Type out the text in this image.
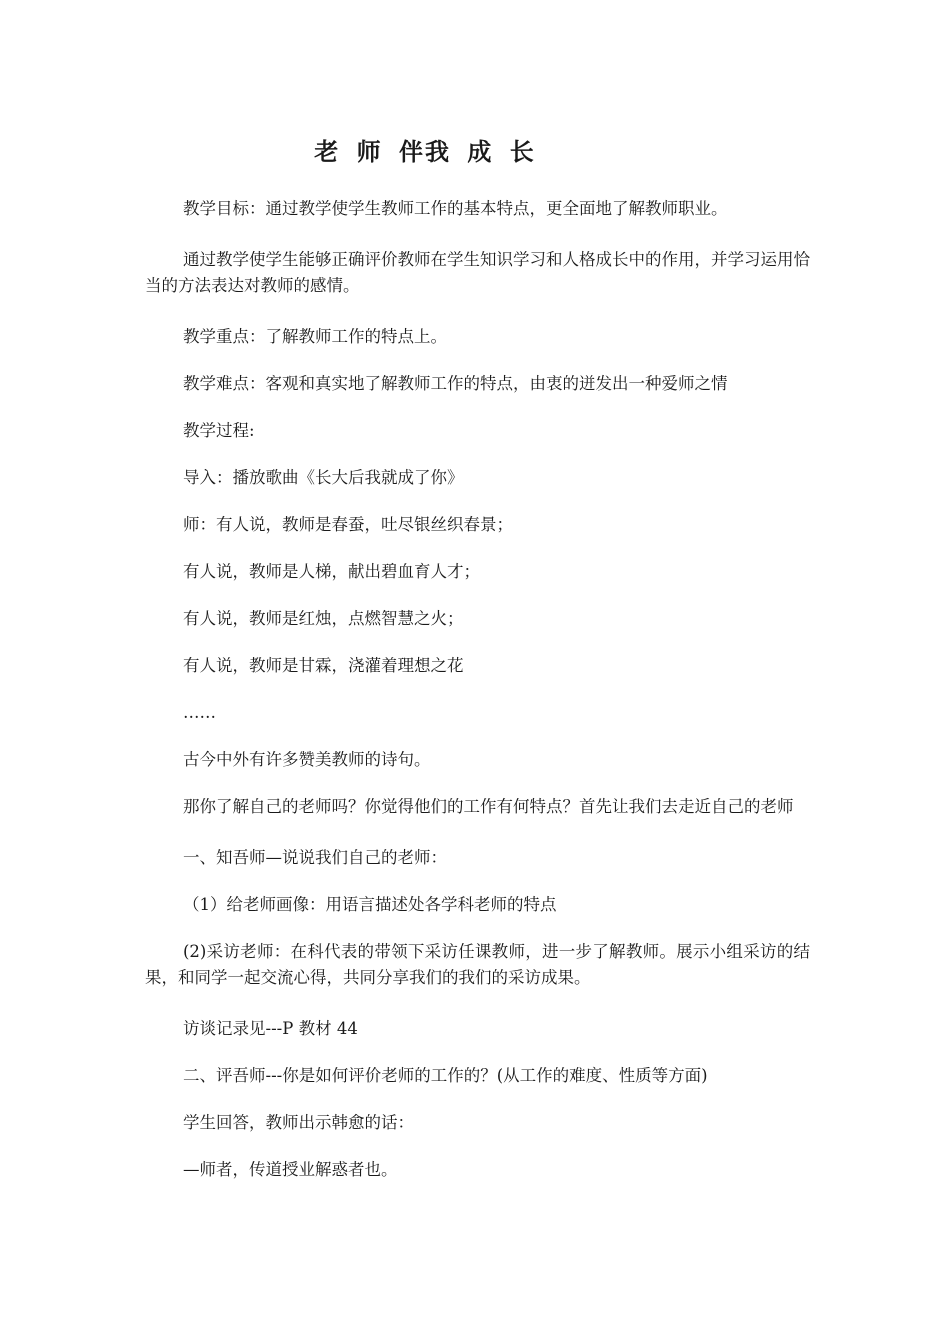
老 师 伴我 成 长

教学目标：通过教学使学生教师工作的基本特点，更全面地了解教师职业。

通过教学使学生能够正确评价教师在学生知识学习和人格成长中的作用，并学习运用恰当的方法表达对教师的感情。

教学重点：了解教师工作的特点上。

教学难点：客观和真实地了解教师工作的特点，由衷的迸发出一种爱师之情

教学过程:

导入：播放歌曲《长大后我就成了你》

师：有人说，教师是春蚕，吐尽银丝织春景；

有人说，教师是人梯，献出碧血育人才；

有人说，教师是红烛，点燃智慧之火；

有人说，教师是甘霖，浇灌着理想之花

……

古今中外有许多赞美教师的诗句。

那你了解自己的老师吗？你觉得他们的工作有何特点？首先让我们去走近自己的老师

一、知吾师—说说我们自己的老师：

（1）给老师画像：用语言描述处各学科老师的特点

(2)采访老师：在科代表的带领下采访任课教师，进一步了解教师。展示小组采访的结果，和同学一起交流心得，共同分享我们的我们的采访成果。

访谈记录见---P 教材 44

二、评吾师---你是如何评价老师的工作的？(从工作的难度、性质等方面)

学生回答，教师出示韩愈的话：

—师者，传道授业解惑者也。
